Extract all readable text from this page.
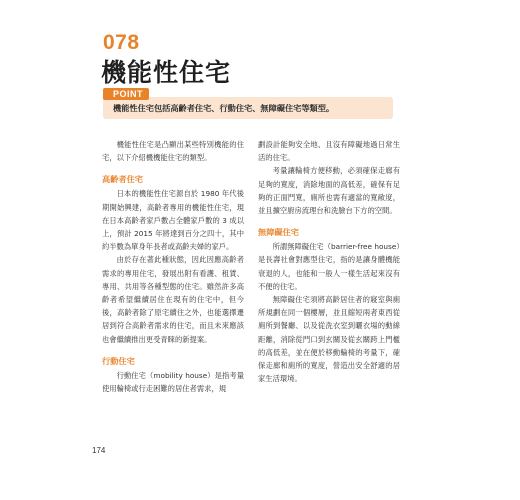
078
機能性住宅
POINT
機能性住宅包括高齡者住宅、行動住宅、無障礙住宅等類型。

機能性住宅是凸顯出某些特別機能的住宅，以下介紹機機能住宅的類型。

高齡者住宅

日本的機能性住宅源自於 1980 年代後期開始興建，高齡者專用的機能性住宅，現在日本高齡者家戶數占全體家戶數的 3 成以上，預計 2015 年將達到百分之四十，其中約半數為單身年長者或高齡夫婦的家戶。

由於存在著此種狀態，因此因應高齡者需求的專用住宅，發展出附有看護、租賃、專用、共用等各種型態的住宅。雖然許多高齡者希望繼續居住在現有的住宅中，但今後，高齡者除了原宅續住之外，也能選擇遷居到符合高齡者需求的住宅，而且未來應該也會繼續推出更受青睞的新提案。

行動住宅

行動住宅（mobility house）是指考量使用輪椅或行走困難的居住者需求，規

劃設計能夠安全地、且沒有障礙地過日常生活的住宅。

考量讓輪椅方便移動，必須確保走廊有足夠的寬度，消除地面的高低差，確保有足夠的正面門寬，廁所也需有適當的寬敞度，並且擴空廚房流理台和洗臉台下方的空間。

無障礙住宅

所謂無障礙住宅（barrier-free house）是長壽社會對應型住宅，指的是讓身體機能衰退的人，也能和一般人一樣生活起來沒有不便的住宅。

無障礙住宅須將高齡居住者的寢室與廁所規劃在同一個樓層，並且縮短兩者東西從廁所到餐廳、以及從洗衣室到曬衣場的動線距離，消除從門口到玄關及從玄關跨上門檻的高低差，並在便於移動輪椅的考量下，確保走廊和廁所的寬度，營造出安全舒適的居家生活環境。

174
